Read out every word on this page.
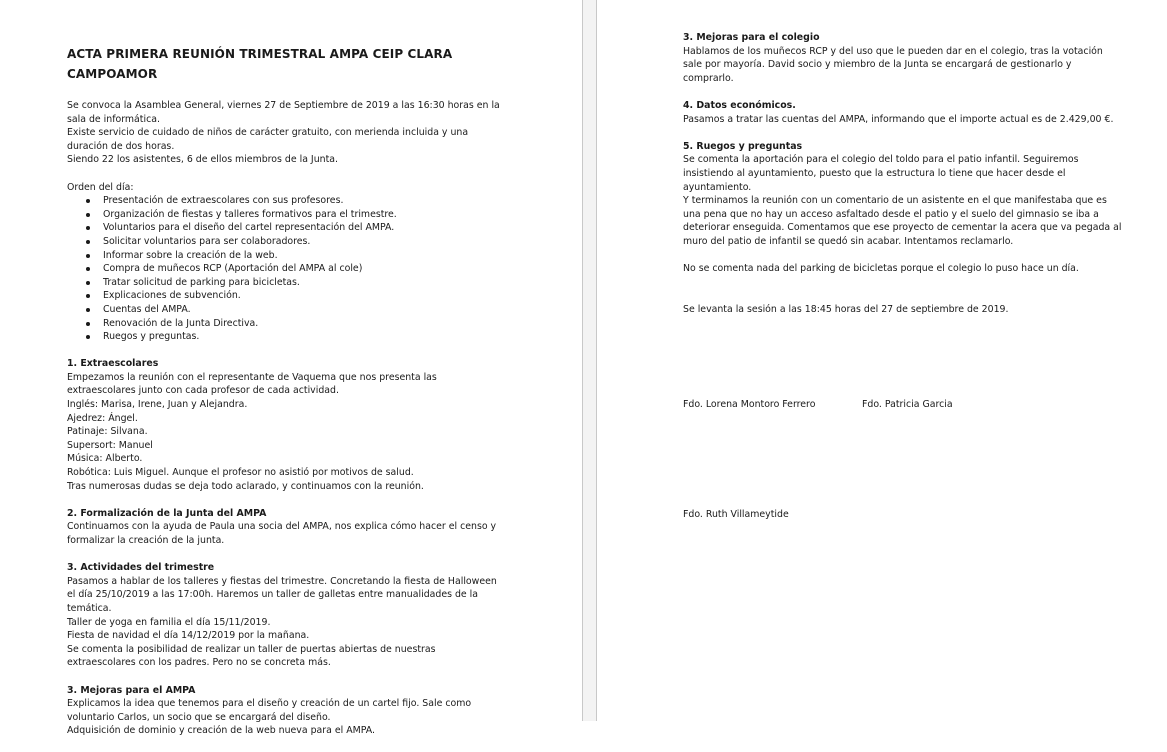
ACTA PRIMERA REUNIÓN TRIMESTRAL AMPA CEIP CLARA CAMPOAMOR

Se convoca la Asamblea General, viernes 27 de Septiembre de 2019 a las 16:30 horas en la sala de informática.

Existe servicio de cuidado de niños de carácter gratuito, con merienda incluida y una duración de dos horas.

Siendo 22 los asistentes, 6 de ellos miembros de la Junta.

Orden del día:

Presentación de extraescolares con sus profesores.
Organización de fiestas y talleres formativos para el trimestre.
Voluntarios para el diseño del cartel representación del AMPA.
Solicitar voluntarios para ser colaboradores.
Informar sobre la creación de la web.
Compra de muñecos RCP (Aportación del AMPA al cole)
Tratar solicitud de parking para bicicletas.
Explicaciones de subvención.
Cuentas del AMPA.
Renovación de la Junta Directiva.
Ruegos y preguntas.

1. Extraescolares

Empezamos la reunión con el representante de Vaquema que nos presenta las extraescolares junto con cada profesor de cada actividad.

Inglés: Marisa, Irene, Juan y Alejandra.

Ajedrez: Ángel.

Patinaje: Silvana.

Supersort: Manuel

Música: Alberto.

Robótica: Luis Miguel. Aunque el profesor no asistió por motivos de salud.

Tras numerosas dudas se deja todo aclarado, y continuamos con la reunión.

2. Formalización de la Junta del AMPA

Continuamos con la ayuda de Paula una socia del AMPA, nos explica cómo hacer el censo y formalizar la creación de la junta.

3. Actividades del trimestre

Pasamos a hablar de los talleres y fiestas del trimestre. Concretando la fiesta de Halloween el día 25/10/2019 a las 17:00h. Haremos un taller de galletas entre manualidades de la temática.

Taller de yoga en familia el día 15/11/2019.

Fiesta de navidad el día 14/12/2019 por la mañana.

Se comenta la posibilidad de realizar un taller de puertas abiertas de nuestras extraescolares con los padres. Pero no se concreta más.

3. Mejoras para el AMPA

Explicamos la idea que tenemos para el diseño y creación de un cartel fijo. Sale como voluntario Carlos, un socio que se encargará del diseño.

Adquisición de dominio y creación de la web nueva para el AMPA.

3. Mejoras para el colegio

Hablamos de los muñecos RCP y del uso que le pueden dar en el colegio, tras la votación sale por mayoría. David socio y miembro de la Junta se encargará de gestionarlo y comprarlo.

4. Datos económicos.

Pasamos a tratar las cuentas del AMPA, informando que el importe actual es de 2.429,00 €.

5. Ruegos y preguntas

Se comenta la aportación para el colegio del toldo para el patio infantil. Seguiremos insistiendo al ayuntamiento, puesto que la estructura lo tiene que hacer desde el ayuntamiento.

Y terminamos la reunión con un comentario de un asistente en el que manifestaba que es una pena que no hay un acceso asfaltado desde el patio y el suelo del gimnasio se iba a deteriorar enseguida. Comentamos que ese proyecto de cementar la acera que va pegada al muro del patio de infantil se quedó sin acabar. Intentamos reclamarlo.

No se comenta nada del parking de bicicletas porque el colegio lo puso hace un día.

Se levanta la sesión a las 18:45 horas del 27 de septiembre de 2019.

Fdo. Lorena Montoro Ferrero	Fdo. Patricia Garcia

Fdo. Ruth Villameytide
